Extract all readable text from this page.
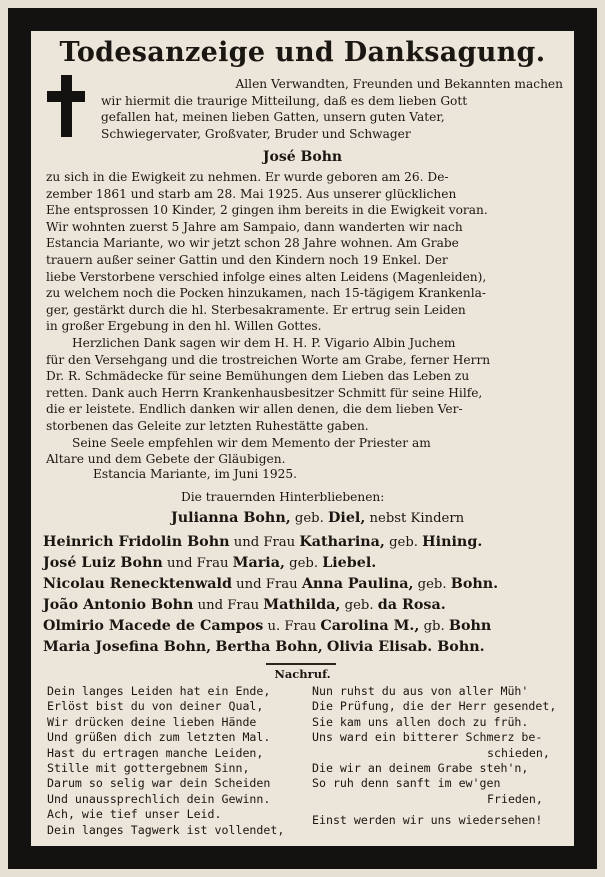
Todesanzeige und Danksagung.
Allen Verwandten, Freunden und Bekannten machen
wir hiermit die traurige Mitteilung, daß es dem lieben Gott
gefallen hat, meinen lieben Gatten, unsern guten Vater,
Schwiegervater, Großvater, Bruder und Schwager
José Bohn
zu sich in die Ewigkeit zu nehmen. Er wurde geboren am 26. De-
zember 1861 und starb am 28. Mai 1925. Aus unserer glücklichen
Ehe entsprossen 10 Kinder, 2 gingen ihm bereits in die Ewigkeit voran.
Wir wohnten zuerst 5 Jahre am Sampaio, dann wanderten wir nach
Estancia Mariante, wo wir jetzt schon 28 Jahre wohnen. Am Grabe
trauern außer seiner Gattin und den Kindern noch 19 Enkel. Der
liebe Verstorbene verschied infolge eines alten Leidens (Magenleiden),
zu welchem noch die Pocken hinzukamen, nach 15-tägigem Krankenla-
ger, gestärkt durch die hl. Sterbesakramente. Er ertrug sein Leiden
in großer Ergebung in den hl. Willen Gottes.
Herzlichen Dank sagen wir dem H. H. P. Vigario Albin Juchem
für den Versehgang und die trostreichen Worte am Grabe, ferner Herrn
Dr. R. Schmädecke für seine Bemühungen dem Lieben das Leben zu
retten. Dank auch Herrn Krankenhausbesitzer Schmitt für seine Hilfe,
die er leistete. Endlich danken wir allen denen, die dem lieben Ver-
storbenen das Geleite zur letzten Ruhestätte gaben.
Seine Seele empfehlen wir dem Memento der Priester am
Altare und dem Gebete der Gläubigen.
Estancia Mariante, im Juni 1925.
Die trauernden Hinterbliebenen:
Julianna Bohn, geb. Diel, nebst Kindern
Heinrich Fridolin Bohn und Frau Katharina, geb. Hining.
José Luiz Bohn und Frau Maria, geb. Liebel.
Nicolau Renecktenwald und Frau Anna Paulina, geb. Bohn.
João Antonio Bohn und Frau Mathilda, geb. da Rosa.
Olmirio Macede de Campos u. Frau Carolina M., gb. Bohn
Maria Josefina Bohn, Bertha Bohn, Olivia Elisab. Bohn.
Nachruf.
Dein langes Leiden hat ein Ende,
Erlöst bist du von deiner Qual,
Wir drücken deine lieben Hände
Und grüßen dich zum letzten Mal.
Hast du ertragen manche Leiden,
Stille mit gottergebnem Sinn,
Darum so selig war dein Scheiden
Und unaussprechlich dein Gewinn.
Ach, wie tief unser Leid.
Dein langes Tagwerk ist vollendet,
Nun ruhst du aus von aller Müh'
Die Prüfung, die der Herr gesendet,
Sie kam uns allen doch zu früh.
Uns ward ein bitterer Schmerz be-
schieden,
Die wir an deinem Grabe steh'n,
So ruh denn sanft im ew'gen
Frieden,
Einst werden wir uns wiedersehen!
